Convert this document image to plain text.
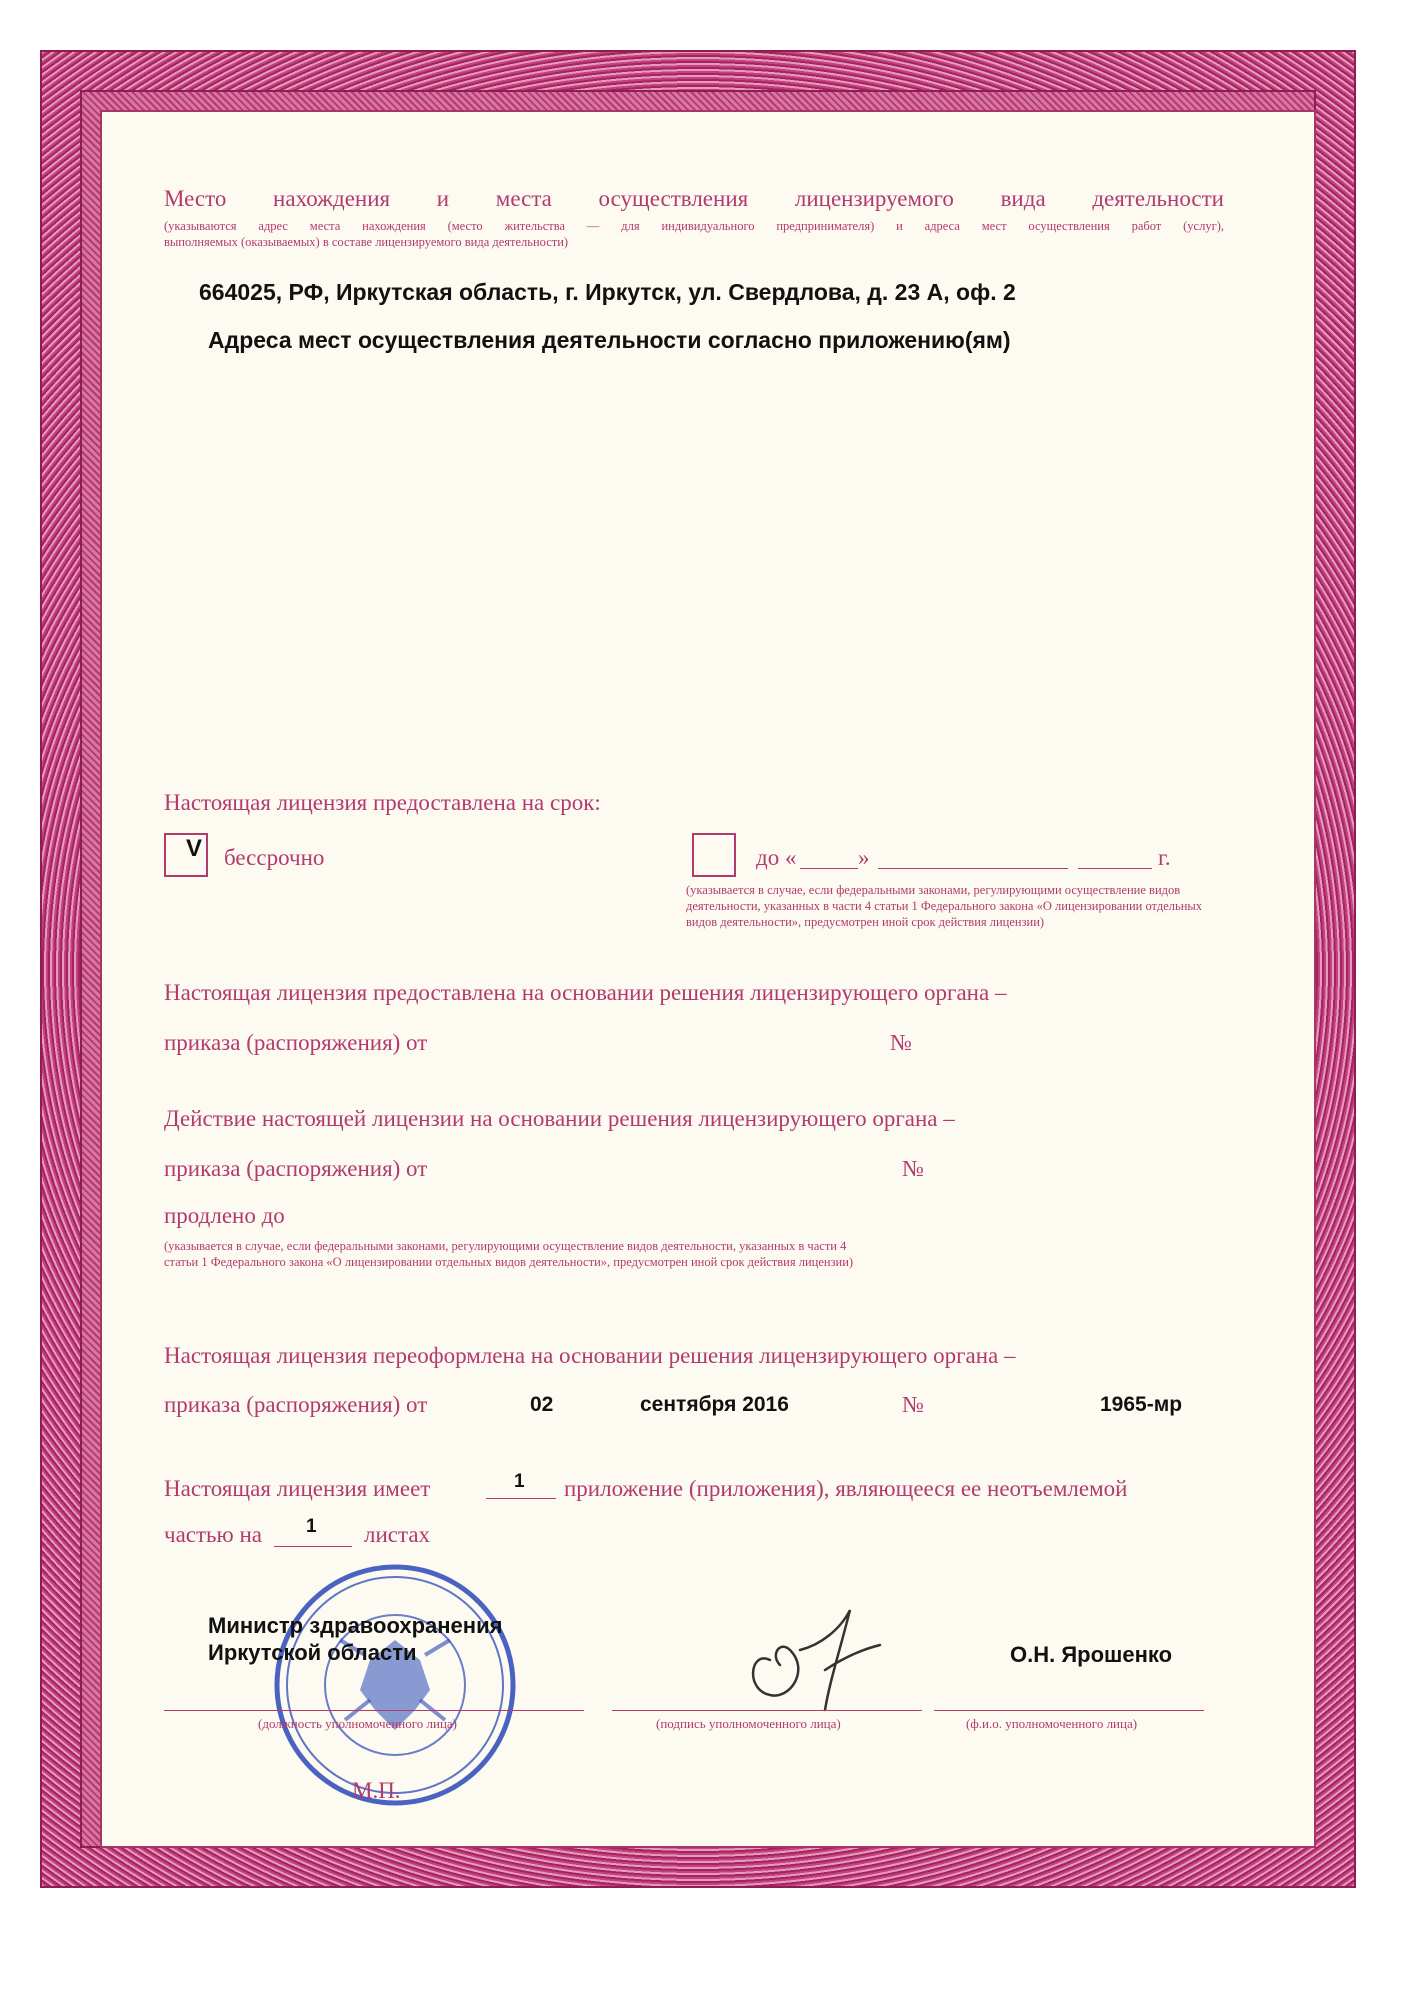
Место нахождения и места осуществления лицензируемого вида деятельности
(указываются адрес места нахождения (место жительства — для индивидуального предпринимателя) и адреса мест осуществления работ (услуг),
выполняемых (оказываемых) в составе лицензируемого вида деятельности)
664025, РФ, Иркутская область, г. Иркутск, ул. Свердлова, д. 23 А, оф. 2
Адреса мест осуществления деятельности согласно приложению(ям)
Настоящая лицензия предоставлена на срок:
V бессрочно	до «	»	г.
(указывается в случае, если федеральными законами, регулирующими осуществление видов деятельности, указанных в части 4 статьи 1 Федерального закона «О лицензировании отдельных видов деятельности», предусмотрен иной срок действия лицензии)
Настоящая лицензия предоставлена на основании решения лицензирующего органа –
приказа (распоряжения) от	№
Действие настоящей лицензии на основании решения лицензирующего органа –
приказа (распоряжения) от	№
продлено до
(указывается в случае, если федеральными законами, регулирующими осуществление видов деятельности, указанных в части 4 статьи 1 Федерального закона «О лицензировании отдельных видов деятельности», предусмотрен иной срок действия лицензии)
Настоящая лицензия переоформлена на основании решения лицензирующего органа –
приказа (распоряжения) от	02	сентября 2016	№	1965-мр
Настоящая лицензия имеет	1 приложение (приложения), являющееся ее неотъемлемой
частью на 1 листах
Министр здравоохранения
Иркутской области	О.Н. Ярошенко
(должность уполномоченного лица)	(подпись уполномоченного лица)	(ф.и.о. уполномоченного лица)
М.П.
